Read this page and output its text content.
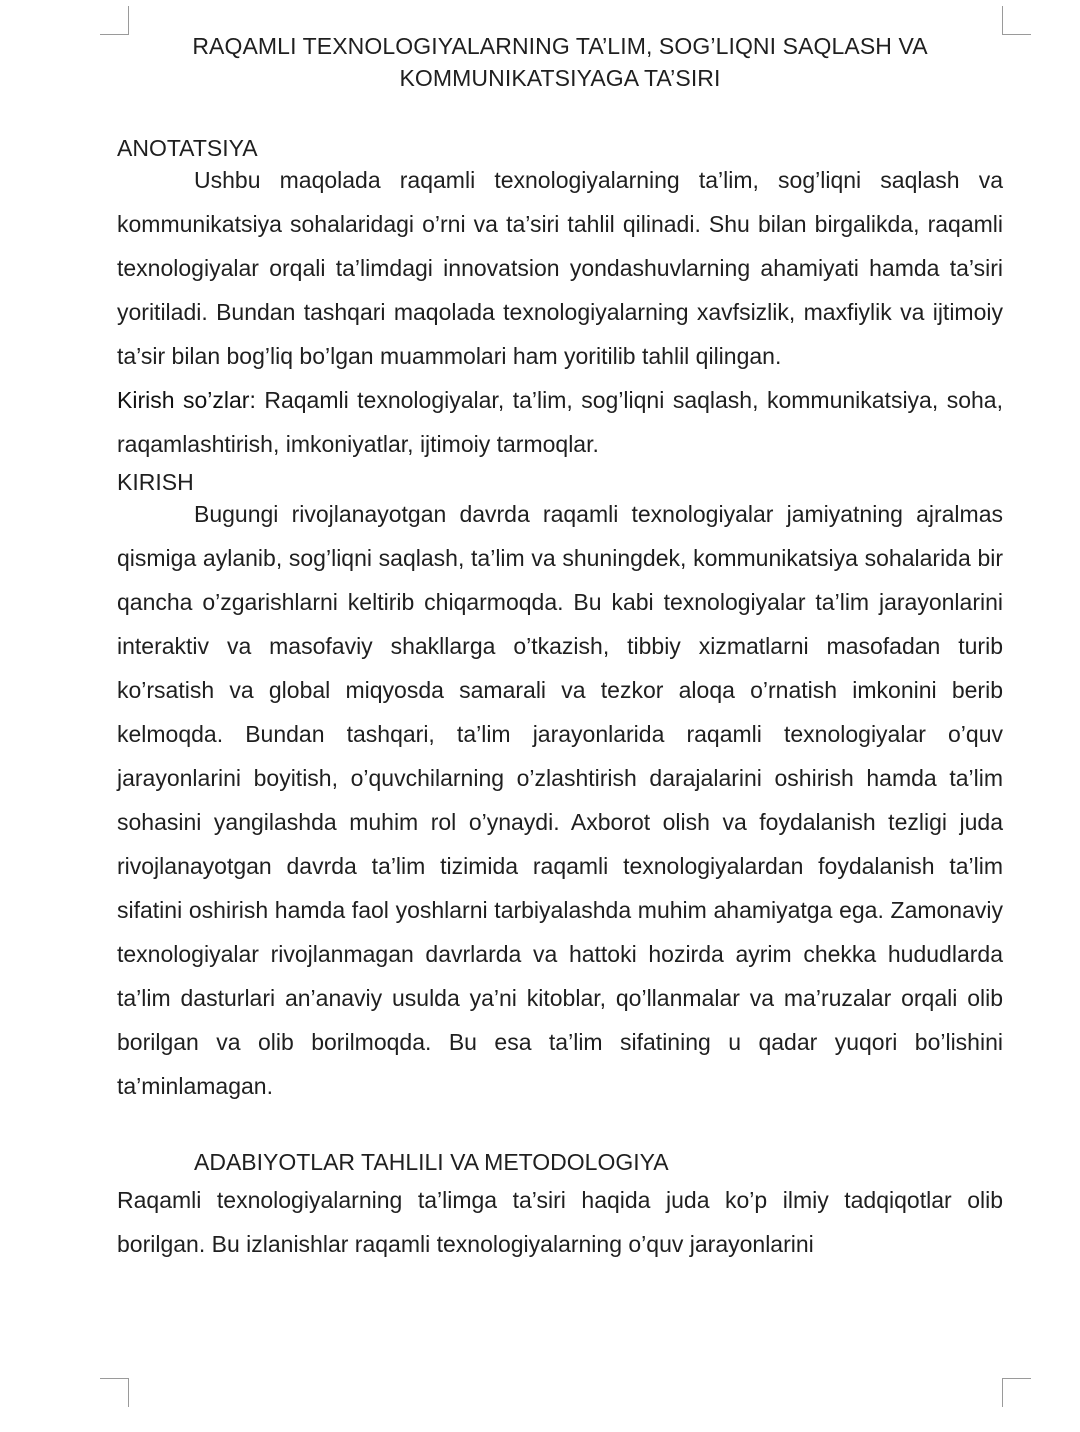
RAQAMLI TEXNOLOGIYALARNING TA’LIM, SOG’LIQNI SAQLASH VA
KOMMUNIKATSIYAGA TA’SIRI
ANOTATSIYA

Ushbu maqolada raqamli texnologiyalarning ta’lim, sog’liqni saqlash va kommunikatsiya sohalaridagi o’rni va ta’siri tahlil qilinadi. Shu bilan birgalikda, raqamli texnologiyalar orqali ta’limdagi innovatsion yondashuvlarning ahamiyati hamda ta’siri yoritiladi. Bundan tashqari maqolada texnologiyalarning xavfsizlik, maxfiylik va ijtimoiy ta’sir bilan bog’liq bo’lgan muammolari ham yoritilib tahlil qilingan.

Kirish so’zlar: Raqamli texnologiyalar, ta’lim, sog’liqni saqlash, kommunikatsiya, soha, raqamlashtirish, imkoniyatlar, ijtimoiy tarmoqlar.

KIRISH

Bugungi rivojlanayotgan davrda raqamli texnologiyalar jamiyatning ajralmas qismiga aylanib, sog’liqni saqlash, ta’lim va shuningdek, kommunikatsiya sohalarida bir qancha o’zgarishlarni keltirib chiqarmoqda. Bu kabi texnologiyalar ta’lim jarayonlarini interaktiv va masofaviy shakllarga o’tkazish, tibbiy xizmatlarni masofadan turib ko’rsatish va global miqyosda samarali va tezkor aloqa o’rnatish imkonini berib kelmoqda. Bundan tashqari, ta’lim jarayonlarida raqamli texnologiyalar o’quv jarayonlarini boyitish, o’quvchilarning o’zlashtirish darajalarini oshirish hamda ta’lim sohasini yangilashda muhim rol o’ynaydi. Axborot olish va foydalanish tezligi juda rivojlanayotgan davrda ta’lim tizimida raqamli texnologiyalardan foydalanish ta’lim sifatini oshirish hamda faol yoshlarni tarbiyalashda muhim ahamiyatga ega. Zamonaviy texnologiyalar rivojlanmagan davrlarda va hattoki hozirda ayrim chekka hududlarda ta’lim dasturlari an’anaviy usulda ya’ni kitoblar, qo’llanmalar va ma’ruzalar orqali olib borilgan va olib borilmoqda. Bu esa ta’lim sifatining u qadar yuqori bo’lishini ta’minlamagan.

ADABIYOTLAR TAHLILI VA METODOLOGIYA

Raqamli texnologiyalarning ta’limga ta’siri haqida juda ko’p ilmiy tadqiqotlar olib borilgan. Bu izlanishlar raqamli texnologiyalarning o’quv jarayonlarini
